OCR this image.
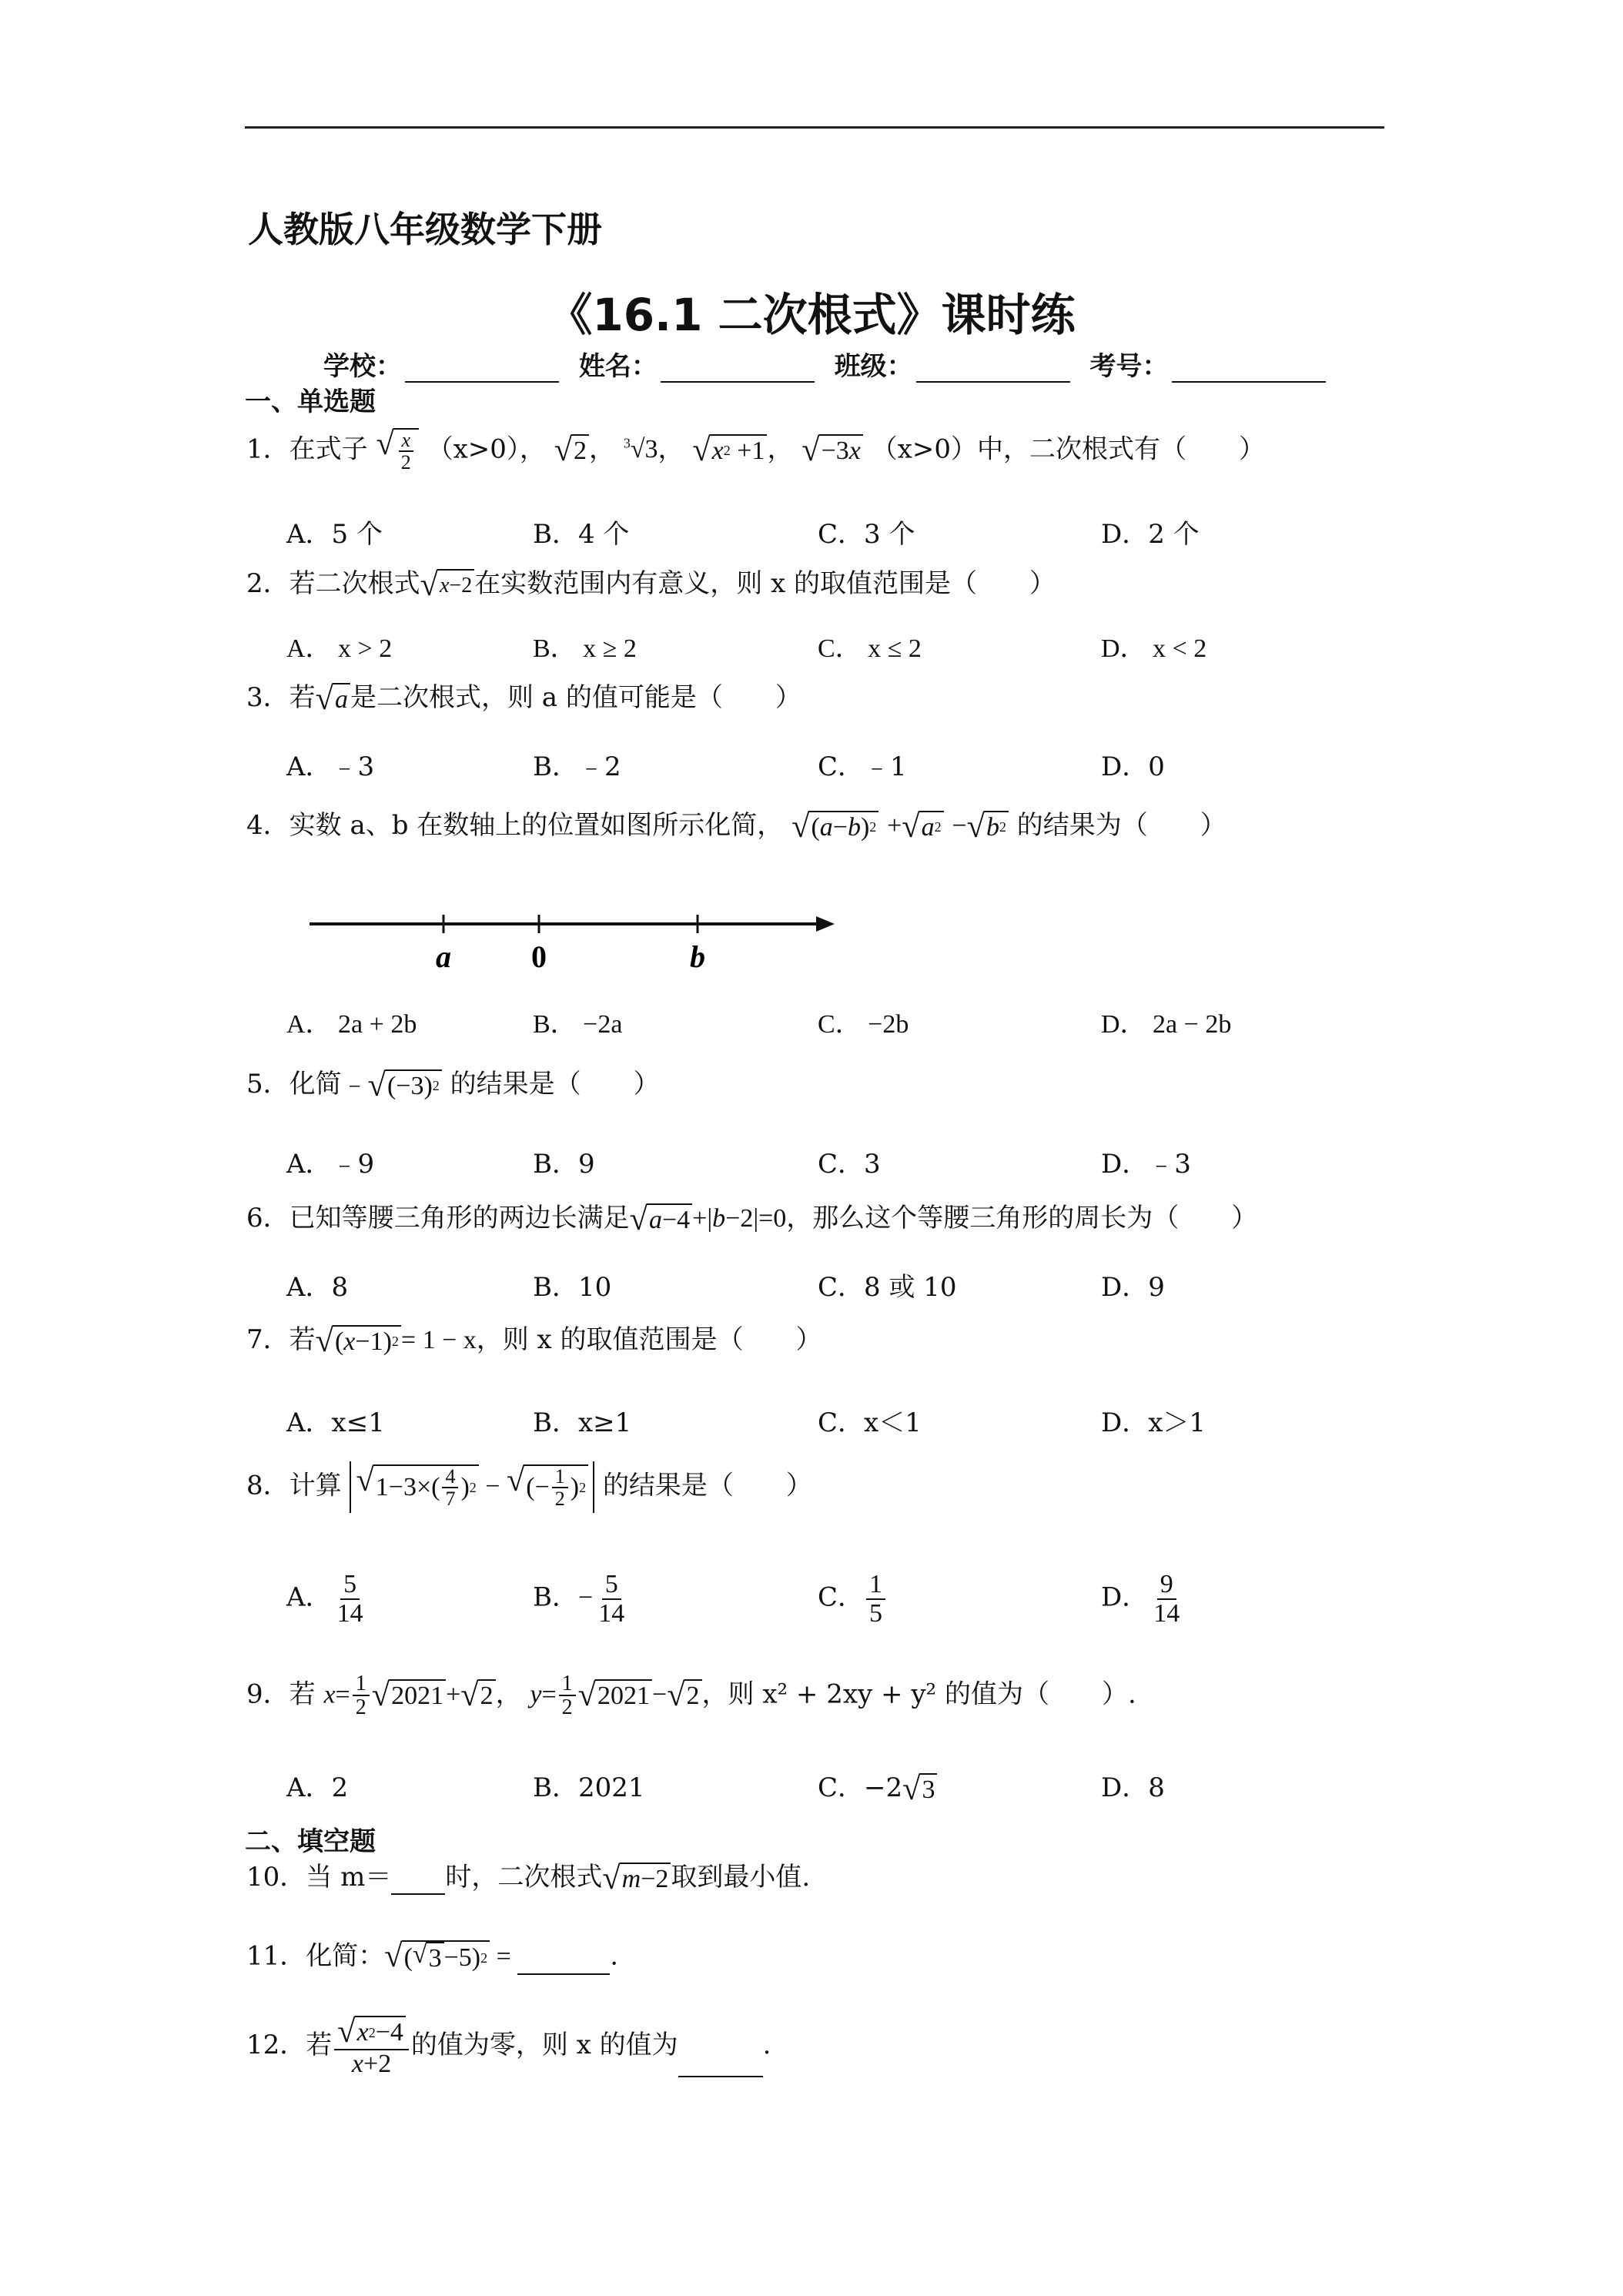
人教版八年级数学下册
《16.1 二次根式》课时练
学校：	姓名：	班级：	考号：
一、单选题
1．在式子 √ $\frac{x}{2} (x>0)$， √ 2 ， $^3$√3， √ x 2 +1 ， √ −3 x （x>0）中，二次根式有（　　）
A．5 个	B．4 个	C．3 个	D．2 个
2．若二次根式 √ x −2 在实数范围内有意义，则 x 的取值范围是（　　）
A． x > 2	B． x ≥ 2	C． x ≤ 2	D． x < 2
3．若 √ a 是二次根式，则 a 的值可能是（　　）
A．﹣3	B．﹣2	C．﹣1	D．0
4．实数 a、b 在数轴上的位置如图所示化简， √ ( a − b ) 2 + √ a 2 − √ b 2 的结果为（　　）
a	0	b
A． 2a + 2b	B． −2a	C． −2b	D． 2a − 2b
5．化简﹣ √ (−3) 2 的结果是（　　）
A．﹣9	B．9	C．3	D．﹣3
6．已知等腰三角形的两边长满足 √ a −4 +|b−2|=0，那么这个等腰三角形的周长为（　　）
A．8	B．10	C．8 或 10	D．9
7．若 √ ( x −1) 2 = 1 − x，则 x 的取值范围是（　　）
A．x≤1	B．x≥1	C．x＜1	D．x＞1
8．计算 √ $1-3\times( \frac{4}{7}$ ) 2 − √ (− $\frac{1}{2}$ ) 2 的结果是（　　）
A． $\frac{5}{14}$	B．− $\frac{5}{14}$	C． $\frac{1}{5}$	D． $\frac{9}{14}$
9．若 $x= \frac{1}{2}$ √ 2021 + √ 2 ， $y= \frac{1}{2}$ √ 2021 − √ 2 ，则 x² + 2xy + y² 的值为（　　）.
A．2	B．2021	C．−2 √ 3	D．8
二、填空题
10．当 m＝ 时，二次根式 √ m −2 取到最小值.
11．化简： √ ( √ 3 −5) 2 =	.
12．若 $\frac{√ x 2 -4}{x+2}$ 的值为零，则 x 的值为	.
